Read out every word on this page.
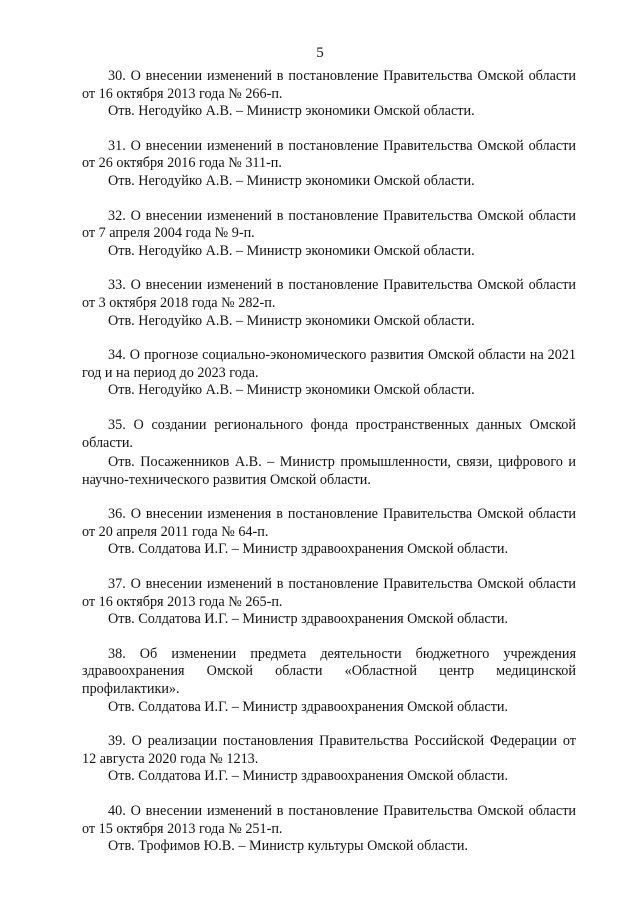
5

30. О внесении изменений в постановление Правительства Омской области от 16 октября 2013 года № 266-п.

Отв. Негодуйко А.В. – Министр экономики Омской области.

31. О внесении изменений в постановление Правительства Омской области от 26 октября 2016 года № 311-п.

Отв. Негодуйко А.В. – Министр экономики Омской области.

32. О внесении изменений в постановление Правительства Омской области от 7 апреля 2004 года № 9-п.

Отв. Негодуйко А.В. – Министр экономики Омской области.

33. О внесении изменений в постановление Правительства Омской области от 3 октября 2018 года № 282-п.

Отв. Негодуйко А.В. – Министр экономики Омской области.

34. О прогнозе социально-экономического развития Омской области на 2021 год и на период до 2023 года.

Отв. Негодуйко А.В. – Министр экономики Омской области.

35. О создании регионального фонда пространственных данных Омской области.

Отв. Посаженников А.В. – Министр промышленности, связи, цифрового и научно-технического развития Омской области.

36. О внесении изменения в постановление Правительства Омской области от 20 апреля 2011 года № 64-п.

Отв. Солдатова И.Г. – Министр здравоохранения Омской области.

37. О внесении изменений в постановление Правительства Омской области от 16 октября 2013 года № 265-п.

Отв. Солдатова И.Г. – Министр здравоохранения Омской области.

38. Об изменении предмета деятельности бюджетного учреждения здравоохранения Омской области «Областной центр медицинской профилактики».

Отв. Солдатова И.Г. – Министр здравоохранения Омской области.

39. О реализации постановления Правительства Российской Федерации от 12 августа 2020 года № 1213.

Отв. Солдатова И.Г. – Министр здравоохранения Омской области.

40. О внесении изменений в постановление Правительства Омской области от 15 октября 2013 года № 251-п.

Отв. Трофимов Ю.В. – Министр культуры Омской области.
